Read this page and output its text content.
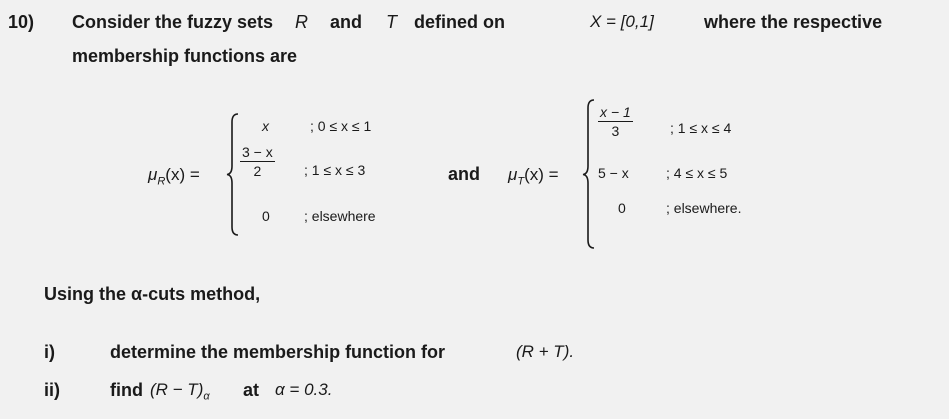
10) Consider the fuzzy sets R and T defined on	X = [0,1]	where the respective
membership functions are
$\mu_R(x)$ =
x	; 0 ≤ x ≤ 1
$\frac{3 - x}{2}$ ; 1 ≤ x ≤ 3
0 ; elsewhere
and $\mu_T(x)$ =
$\frac{x - 1}{3}$	; 1 ≤ x ≤ 4
5 − x	; 4 ≤ x ≤ 5
0	; elsewhere.
Using the α-cuts method,
i)	determine the membership function for	(R + T).
ii)	find $(R - T)_\alpha$ at α = 0.3.
